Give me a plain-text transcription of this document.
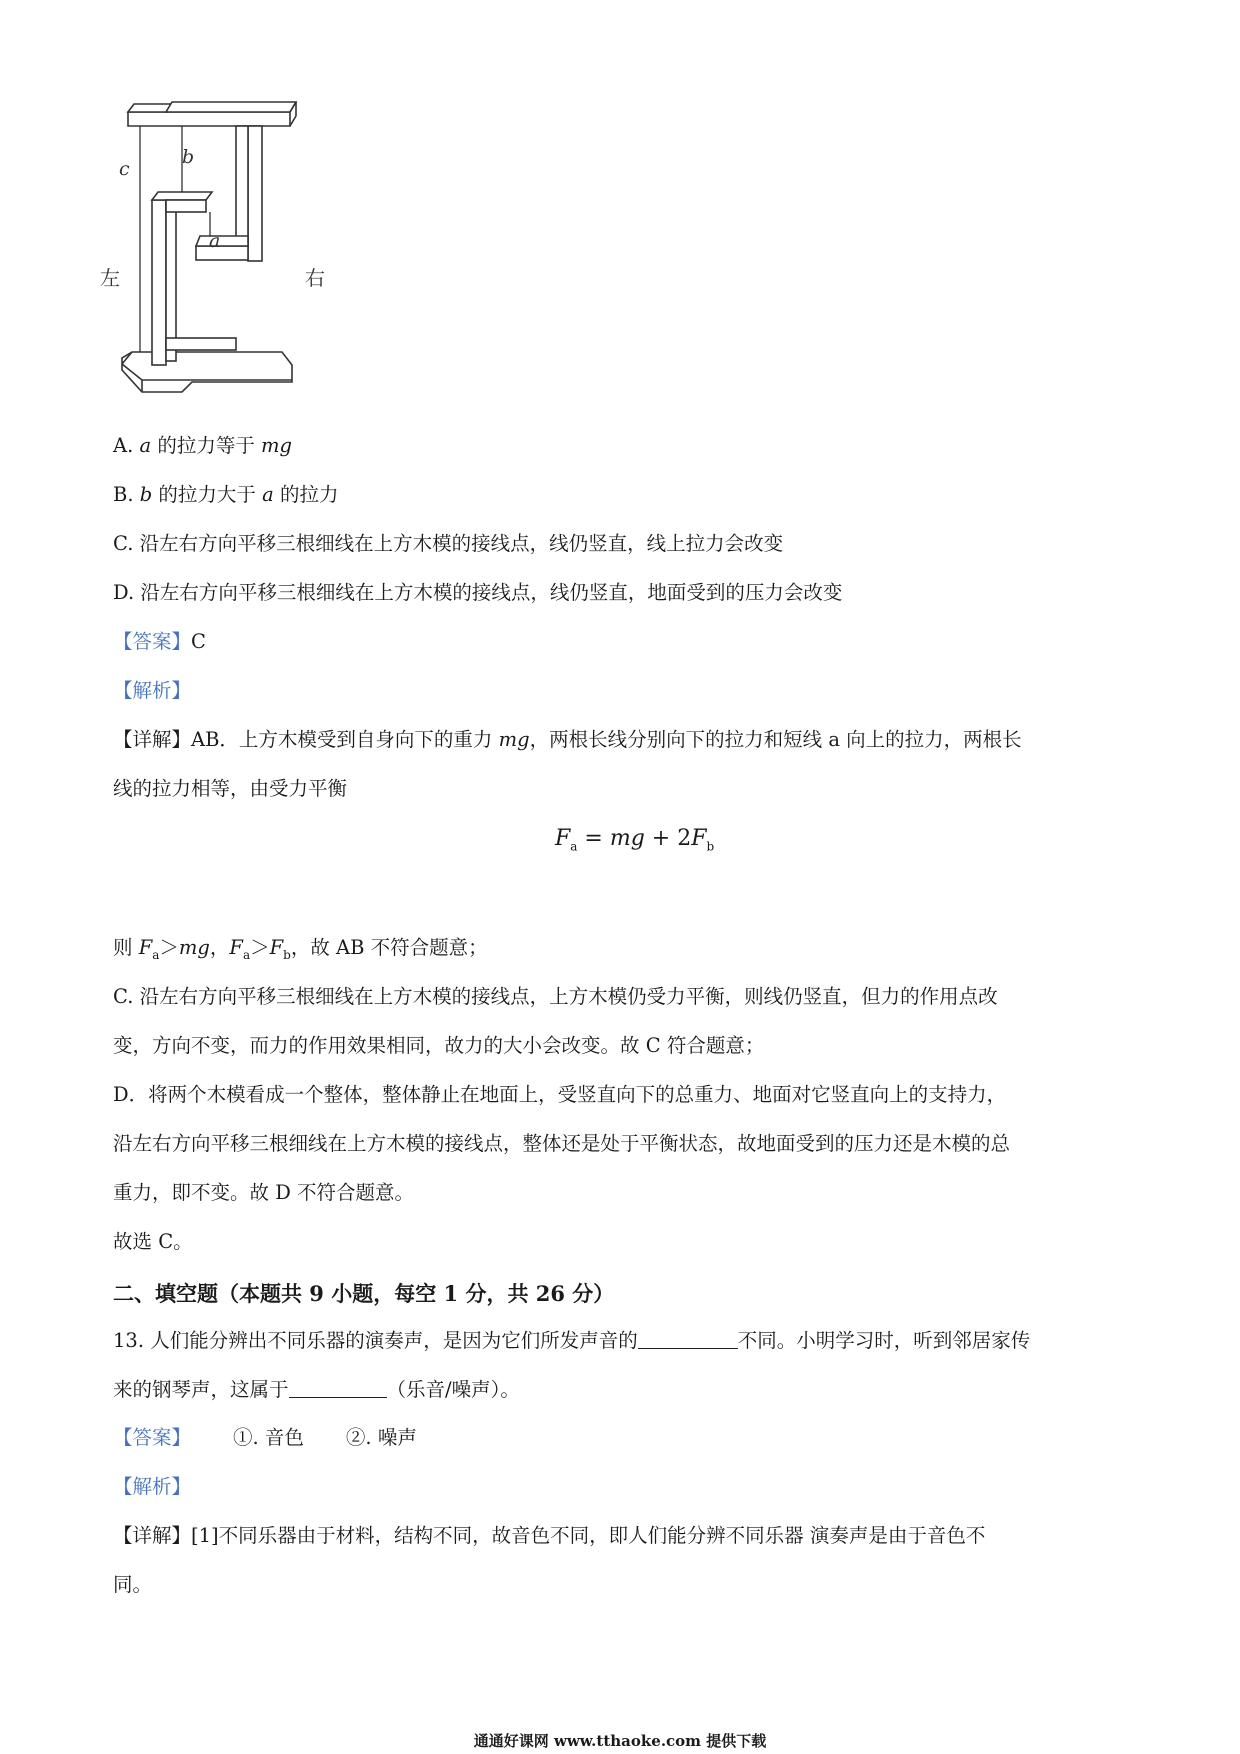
c
b
a
左	右
A. a 的拉力等于 mg
B. b 的拉力大于 a 的拉力
C. 沿左右方向平移三根细线在上方木模的接线点，线仍竖直，线上拉力会改变
D. 沿左右方向平移三根细线在上方木模的接线点，线仍竖直，地面受到的压力会改变
【答案】C
【解析】
【详解】AB．上方木模受到自身向下的重力 mg，两根长线分别向下的拉力和短线 a 向上的拉力，两根长
线的拉力相等，由受力平衡
$F_a$ = mg + $2F_b$
则 $F_a>mg$，$F_a>F_b$，故 AB 不符合题意；
C. 沿左右方向平移三根细线在上方木模的接线点，上方木模仍受力平衡，则线仍竖直，但力的作用点改
变，方向不变，而力的作用效果相同，故力的大小会改变。故 C 符合题意；
D．将两个木模看成一个整体，整体静止在地面上，受竖直向下的总重力、地面对它竖直向上的支持力，
沿左右方向平移三根细线在上方木模的接线点，整体还是处于平衡状态，故地面受到的压力还是木模的总
重力，即不变。故 D 不符合题意。
故选 C。
二、填空题（本题共 9 小题，每空 1 分，共 26 分）
13. 人们能分辨出不同乐器的演奏声，是因为它们所发声音的	不同。小明学习时，听到邻居家传
来的钢琴声，这属于	（乐音/噪声）。
【答案】 ①. 音色 ②. 噪声
【解析】
【详解】[1]不同乐器由于材料，结构不同，故音色不同，即人们能分辨不同乐器 演奏声是由于音色不
同。
通通好课网 www.tthaoke.com 提供下载
